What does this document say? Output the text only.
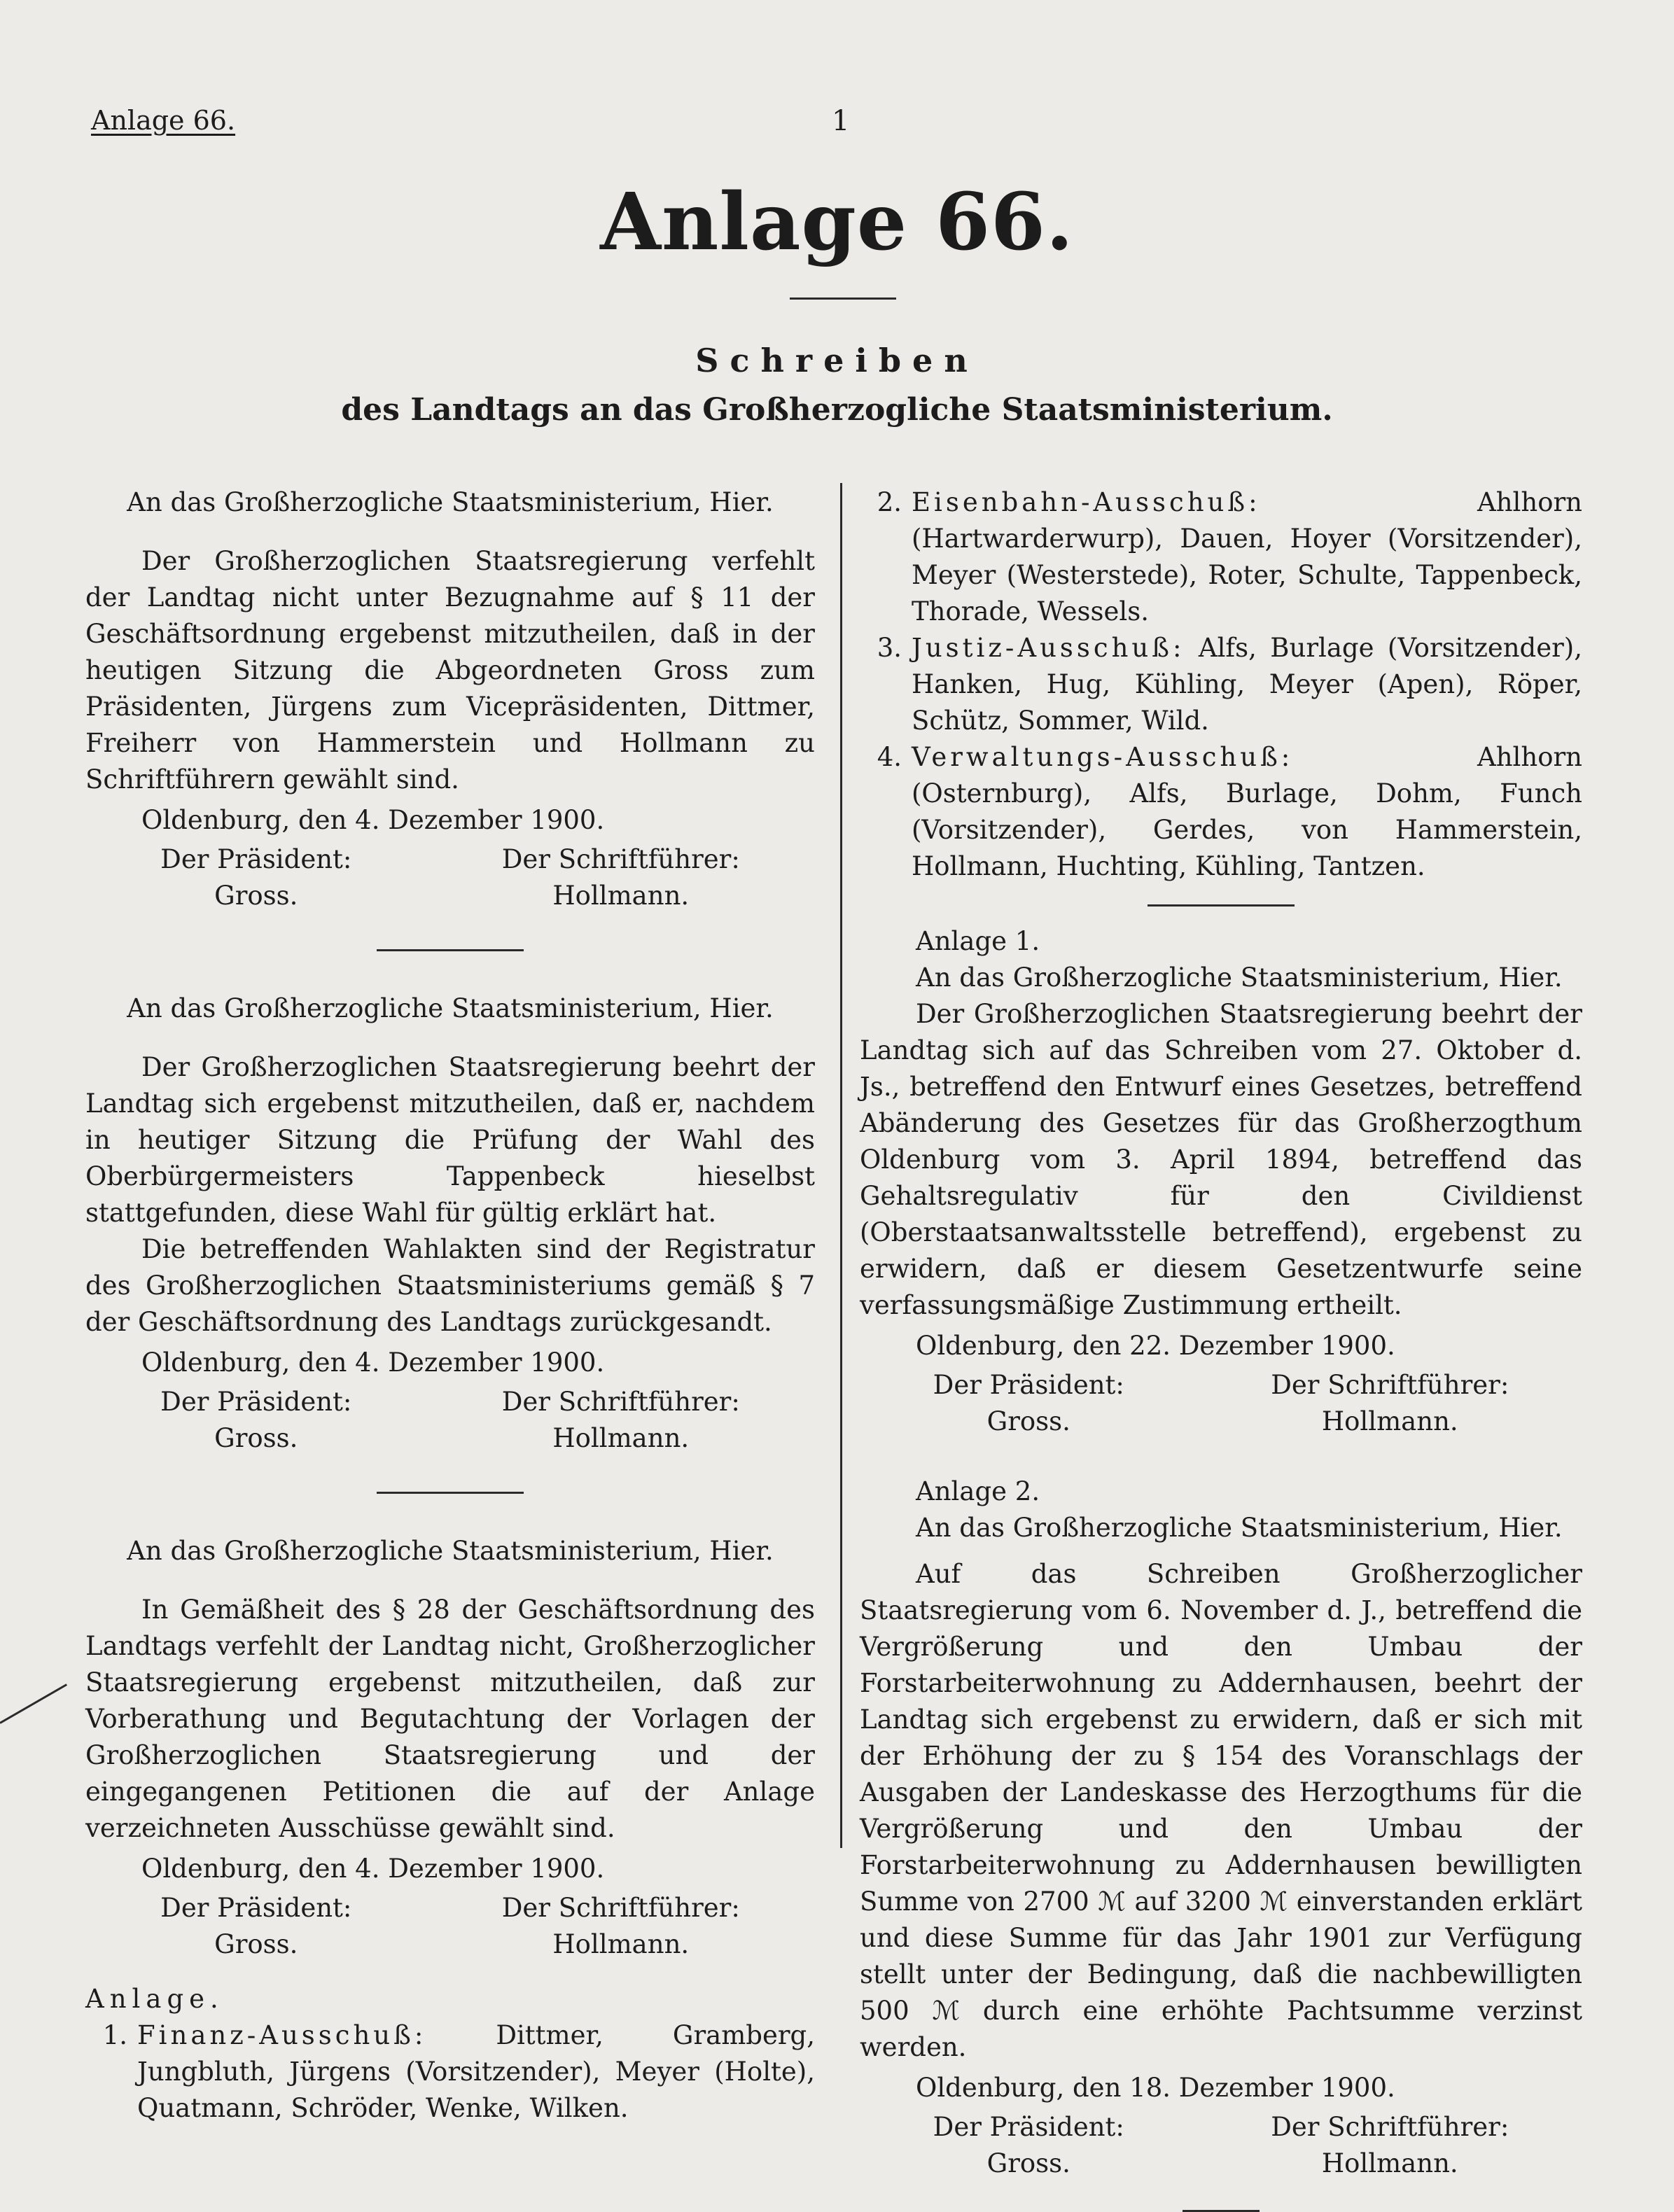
Anlage 66.	1
Anlage 66.
Schreiben
des Landtags an das Großherzogliche Staatsministerium.

An das Großherzogliche Staatsministerium, Hier.

Der Großherzoglichen Staatsregierung verfehlt der Landtag nicht unter Bezugnahme auf § 11 der Geschäftsordnung ergebenst mitzutheilen, daß in der heutigen Sitzung die Abgeordneten Gross zum Präsidenten, Jürgens zum Vicepräsidenten, Dittmer, Freiherr von Hammerstein und Hollmann zu Schriftführern gewählt sind.

Oldenburg, den 4. Dezember 1900.

Der Präsident:
Gross.
Der Schriftführer:
Hollmann.

An das Großherzogliche Staatsministerium, Hier.

Der Großherzoglichen Staatsregierung beehrt der Landtag sich ergebenst mitzutheilen, daß er, nachdem in heutiger Sitzung die Prüfung der Wahl des Oberbürgermeisters Tappenbeck hieselbst stattgefunden, diese Wahl für gültig erklärt hat.

Die betreffenden Wahlakten sind der Registratur des Großherzoglichen Staatsministeriums gemäß § 7 der Geschäftsordnung des Landtags zurückgesandt.

Oldenburg, den 4. Dezember 1900.

Der Präsident:
Gross.
Der Schriftführer:
Hollmann.

An das Großherzogliche Staatsministerium, Hier.

In Gemäßheit des § 28 der Geschäftsordnung des Landtags verfehlt der Landtag nicht, Großherzoglicher Staatsregierung ergebenst mitzutheilen, daß zur Vorberathung und Begutachtung der Vorlagen der Großherzoglichen Staatsregierung und der eingegangenen Petitionen die auf der Anlage verzeichneten Ausschüsse gewählt sind.

Oldenburg, den 4. Dezember 1900.

Der Präsident:
Gross.
Der Schriftführer:
Hollmann.
Anlage.
1. Finanz-Ausschuß:	Dittmer, Gramberg, Jungbluth, Jürgens (Vorsitzender), Meyer (Holte), Quatmann, Schröder, Wenke, Wilken.
2. Eisenbahn-Ausschuß:	Ahlhorn (Hartwarderwurp), Dauen, Hoyer (Vorsitzender), Meyer (Westerstede), Roter, Schulte, Tappenbeck, Thorade, Wessels.
3. Justiz-Ausschuß: Alfs, Burlage (Vorsitzender), Hanken, Hug, Kühling, Meyer (Apen), Röper, Schütz, Sommer, Wild.
4. Verwaltungs-Ausschuß:	Ahlhorn (Osternburg), Alfs, Burlage, Dohm, Funch (Vorsitzender), Gerdes, von Hammerstein, Hollmann, Huchting, Kühling, Tantzen.

Anlage 1.

An das Großherzogliche Staatsministerium, Hier.

Der Großherzoglichen Staatsregierung beehrt der Landtag sich auf das Schreiben vom 27. Oktober d. Js., betreffend den Entwurf eines Gesetzes, betreffend Abänderung des Gesetzes für das Großherzogthum Oldenburg vom 3. April 1894, betreffend das Gehaltsregulativ für den Civildienst (Oberstaatsanwaltsstelle betreffend), ergebenst zu erwidern, daß er diesem Gesetzentwurfe seine verfassungsmäßige Zustimmung ertheilt.

Oldenburg, den 22. Dezember 1900.

Der Präsident:
Gross.
Der Schriftführer:
Hollmann.

Anlage 2.

An das Großherzogliche Staatsministerium, Hier.

Auf das Schreiben Großherzoglicher Staatsregierung vom 6. November d. J., betreffend die Vergrößerung und den Umbau der Forstarbeiterwohnung zu Addernhausen, beehrt der Landtag sich ergebenst zu erwidern, daß er sich mit der Erhöhung der zu § 154 des Voranschlags der Ausgaben der Landeskasse des Herzogthums für die Vergrößerung und den Umbau der Forstarbeiterwohnung zu Addernhausen bewilligten Summe von 2700 ℳ auf 3200 ℳ einverstanden erklärt und diese Summe für das Jahr 1901 zur Verfügung stellt unter der Bedingung, daß die nachbewilligten 500 ℳ durch eine erhöhte Pachtsumme verzinst werden.

Oldenburg, den 18. Dezember 1900.

Der Präsident:
Gross.
Der Schriftführer:
Hollmann.
